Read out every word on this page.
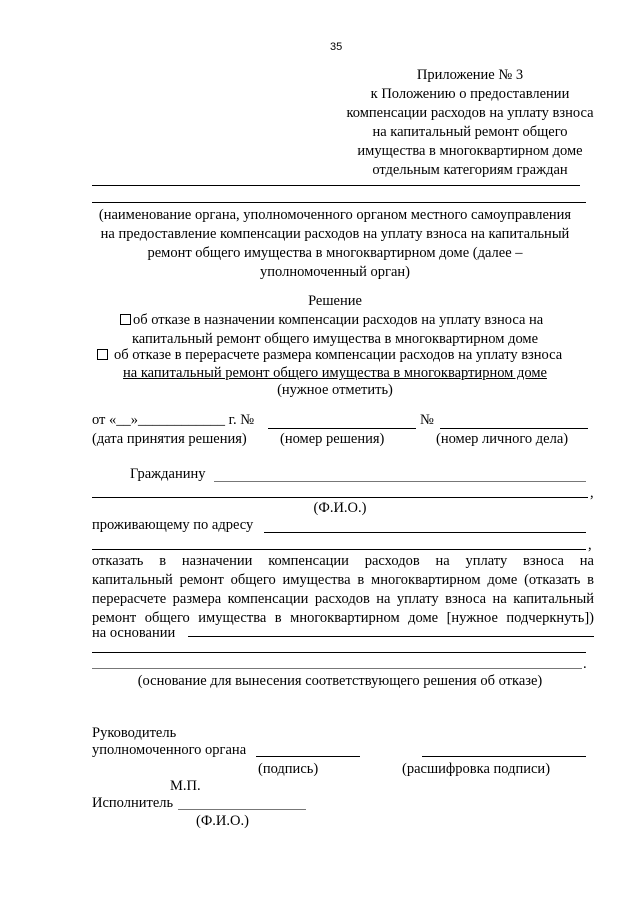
35
Приложение № 3
к Положению о предоставлении
компенсации расходов на уплату взноса
на капитальный ремонт общего
имущества в многоквартирном доме
отдельным категориям граждан
(наименование органа, уполномоченного органом местного самоуправления
на предоставление компенсации расходов на уплату взноса на капитальный
ремонт общего имущества в многоквартирном доме (далее –
уполномоченный орган)
Решение
об отказе в назначении компенсации расходов на уплату взноса на
капитальный ремонт общего имущества в многоквартирном доме
об отказе в перерасчете размера компенсации расходов на уплату взноса
на капитальный ремонт общего имущества в многоквартирном доме
(нужное отметить)
от «__»____________ г. №	№
(дата принятия решения) (номер решения)	(номер личного дела)
Гражданину
,
(Ф.И.О.)
проживающему по адресу
,
отказать в назначении компенсации расходов на уплату взноса на
капитальный ремонт общего имущества в многоквартирном доме (отказать в
перерасчете размера компенсации расходов на уплату взноса на капитальный
ремонт общего имущества в многоквартирном доме [нужное подчеркнуть])
на основании
.
(основание для вынесения соответствующего решения об отказе)
Руководитель
уполномоченного органа
(подпись)	(расшифровка подписи)
М.П.
Исполнитель
(Ф.И.О.)
